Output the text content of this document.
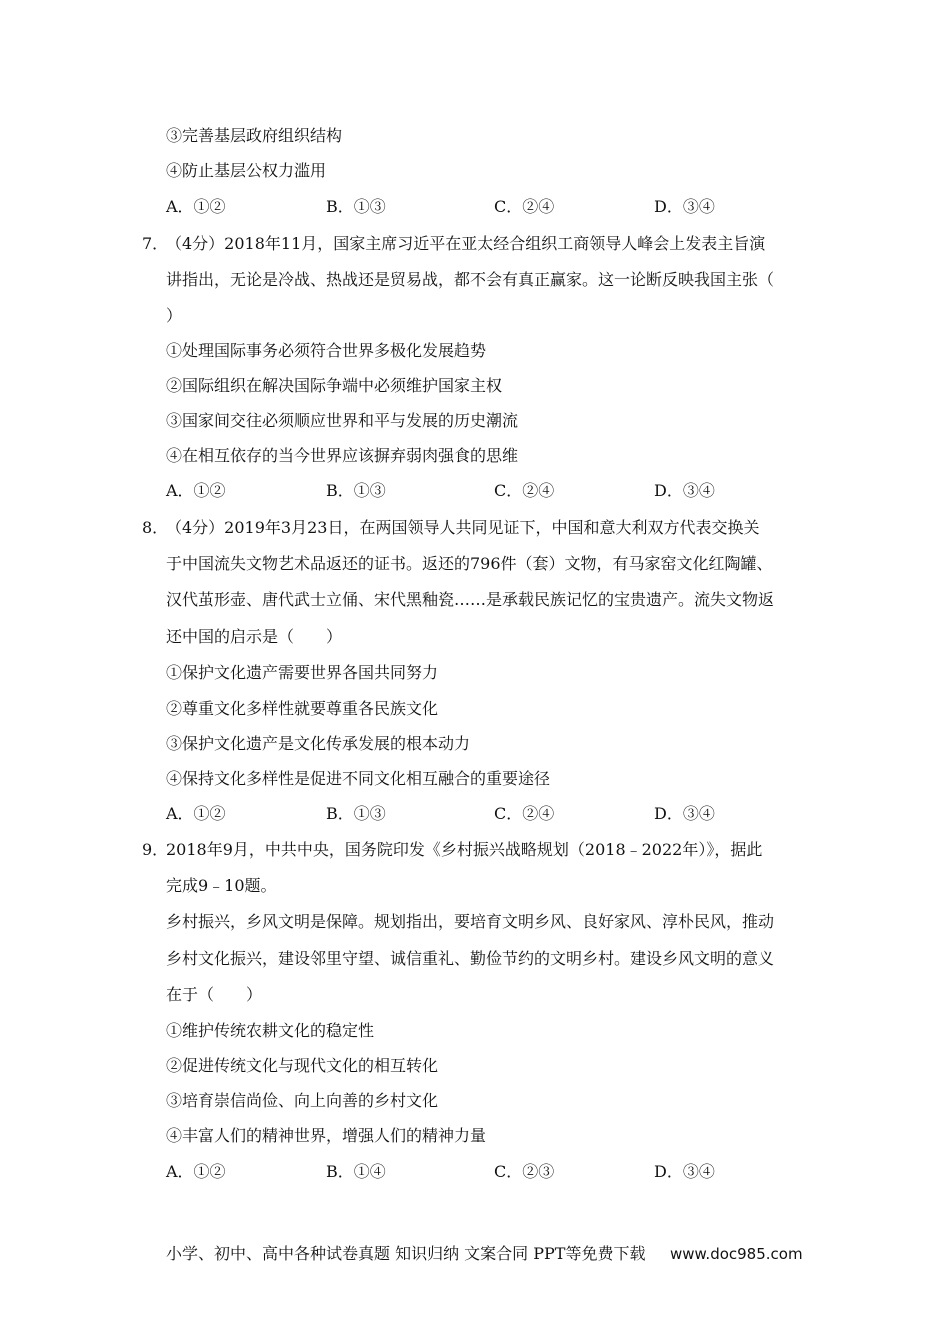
③完善基层政府组织结构
④防止基层公权力滥用
A．①②	B．①③	C．②④	D．③④
7．（4分）2018年11月，国家主席习近平在亚太经合组织工商领导人峰会上发表主旨演
讲指出，无论是冷战、热战还是贸易战，都不会有真正赢家。这一论断反映我国主张（
）
①处理国际事务必须符合世界多极化发展趋势
②国际组织在解决国际争端中必须维护国家主权
③国家间交往必须顺应世界和平与发展的历史潮流
④在相互依存的当今世界应该摒弃弱肉强食的思维
A．①②	B．①③	C．②④	D．③④
8．（4分）2019年3月23日，在两国领导人共同见证下，中国和意大利双方代表交换关
于中国流失文物艺术品返还的证书。返还的796件（套）文物，有马家窑文化红陶罐、
汉代茧形壶、唐代武士立俑、宋代黑釉瓷……是承载民族记忆的宝贵遗产。流失文物返
还中国的启示是（　　）
①保护文化遗产需要世界各国共同努力
②尊重文化多样性就要尊重各民族文化
③保护文化遗产是文化传承发展的根本动力
④保持文化多样性是促进不同文化相互融合的重要途径
A．①②	B．①③	C．②④	D．③④
9．2018年9月，中共中央，国务院印发《乡村振兴战略规划（2018﹣2022年）》，据此
完成9﹣10题。
乡村振兴，乡风文明是保障。规划指出，要培育文明乡风、良好家风、淳朴民风，推动
乡村文化振兴，建设邻里守望、诚信重礼、勤俭节约的文明乡村。建设乡风文明的意义
在于（　　）
①维护传统农耕文化的稳定性
②促进传统文化与现代文化的相互转化
③培育崇信尚俭、向上向善的乡村文化
④丰富人们的精神世界，增强人们的精神力量
A．①②	B．①④	C．②③	D．③④
小学、初中、高中各种试卷真题 知识归纳 文案合同 PPT等免费下载 www.doc985.com
